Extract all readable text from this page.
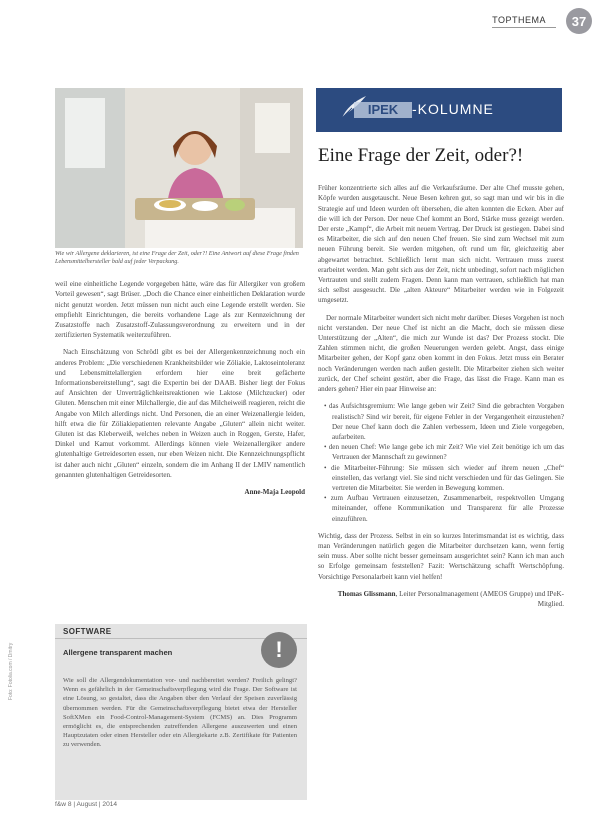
TOPTHEMA	37
Wie wir Allergene deklarieren, ist eine Frage der Zeit, oder?! Eine Antwort auf diese Frage finden Lebensmittelhersteller bald auf jeder Verpackung.
IPEK -KOLUMNE
Eine Frage der Zeit, oder?!

Früher konzentrierte sich alles auf die Verkaufsräume. Der alte Chef musste gehen, Köpfe wurden ausgetauscht. Neue Besen kehren gut, so sagt man und wir bis in die Strategie auf und Ideen wurden oft übersehen, die alten konnten die Ecken. Aber auf die will ich der Person. Der neue Chef kommt an Bord, Stärke muss gezeigt werden. Der erste „Kampf“, die Arbeit mit neuem Vertrag. Der Druck ist gestiegen. Dabei sind es Mitarbeiter, die sich auf den neuen Chef freuen. Sie sind zum Wechsel mit zum neuen Führung bereit. Sie werden mitgehen, oft rund um für, gleichzeitig aber abgewartet betrachtet. Schließlich lernt man sich nicht. Vertrauen muss zuerst erarbeitet werden. Man geht sich aus der Zeit, nicht unbedingt, sofort nach möglichen Vertrauten und stellt zudem Fragen. Denn kann man vertrauen, schließlich hat man sich selbst ausgesucht. Die „alten Akteure“ Mitarbeiter werden wie in Folgezeit umgesetzt.

Der normale Mitarbeiter wundert sich nicht mehr darüber. Dieses Vorgehen ist noch nicht verstanden. Der neue Chef ist nicht an die Macht, doch sie müssen diese Unterstützung der „Alten“, die mich zur Wunde ist das? Der Prozess stockt. Die Zahlen stimmen nicht, die großen Neuerungen werden gelebt. Angst, dass einige Mitarbeiter gehen, der Kopf ganz oben kommt in den Fokus. Jetzt muss ein Berater noch Veränderungen werden nach außen gestellt. Die Mitarbeiter ziehen sich weiter zurück, der Chef scheint gestört, aber die Frage, das lässt die Frage. Kann man es anders gehen? Hier ein paar Hinweise an:

• das Aufsichtsgremium: Wie lange geben wir Zeit? Sind die gebrachten Vorgaben realistisch? Sind wir bereit, für eigene Fehler in der Vergangenheit einzustehen? Der neue Chef kann doch die Zahlen verbessern, Ideen und Ziele vorgegeben, aufarbeiten.

• den neuen Chef: Wie lange gebe ich mir Zeit? Wie viel Zeit benötige ich um das Vertrauen der Mannschaft zu gewinnen?

• die Mitarbeiter-Führung: Sie müssen sich wieder auf ihrem neuen „Chef“ einstellen, das verlangt viel. Sie sind nicht verschieden und für das Gelingen. Sie vertreten die Mitarbeiter. Sie werden in Bewegung kommen.

• zum Aufbau Vertrauen einzusetzen, Zusammenarbeit, respektvollen Umgang miteinander, offene Kommunikation und Transparenz für alle Prozesse einzuführen.

Wichtig, dass der Prozess. Selbst in ein so kurzes Interimsmandat ist es wichtig, dass man Veränderungen natürlich gegen die Mitarbeiter durchsetzen kann, wenn fertig sein muss. Aber sollte nicht besser gemeinsam ausgerichtet sein? Kann ich man auch so Erfolge gemeinsam feststellen? Fazit: Wertschätzung schafft Wertschöpfung. Vorsichtige Personalarbeit kann viel helfen!

Thomas Glissmann, Leiter Personalmanagement (AMEOS Gruppe) und IPeK-Mitglied.

weil eine einheitliche Legende vorgegeben hätte, wäre das für Allergiker von großem Vorteil gewesen“, sagt Brüser. „Doch die Chance einer einheitlichen Deklaration wurde nicht genutzt worden. Jetzt müssen nun nicht auch eine Legende erstellt werden. Sie empfiehlt Einrichtungen, die bereits vorhandene Lage als zur Kennzeichnung der Zusatzstoffe nach Zusatzstoff-Zulassungsverordnung zu erweitern und in der zertifizierten Systematik weiterzuführen.

Nach Einschätzung von Schrödl gibt es bei der Allergenkennzeichnung noch ein anderes Problem: „Die verschiedenen Krankheitsbilder wie Zöliakie, Laktoseintoleranz und Lebensmittelallergien erfordern hier eine breit gefächerte Informationsbereitstellung“, sagt die Expertin bei der DAAB. Bisher liegt der Fokus auf Ansichten der Unverträglichkeitsreaktionen wie Laktose (Milchzucker) oder Gluten. Menschen mit einer Milchallergie, die auf das Milcheiweiß reagieren, reicht die Angabe von Milch allerdings nicht. Und Personen, die an einer Weizenallergie leiden, hilft etwa die für Zöliakiepatienten relevante Angabe „Gluten“ allein nicht weiter. Gluten ist das Kleberweiß, welches neben in Weizen auch in Roggen, Gerste, Hafer, Dinkel und Kamut vorkommt. Allerdings können viele Weizenallergiker andere glutenhaltige Getreidesorten essen, nur eben Weizen nicht. Die Kennzeichnungspflicht ist daher auch nicht „Gluten“ einzeln, sondern die im Anhang II der LMIV namentlich genannten glutenhaltigen Getreidesorten.

Anne-Maja Leopold

SOFTWARE
Allergene transparent machen	!
Wie soll die Allergendokumentation vor- und nachbereitet werden? Freilich gelingt? Wenn es gefährlich in der Gemeinschaftsverpflegung wird die Frage. Der Software ist eine Lösung, so gestaltet, dass die Angaben über den Verlauf der Speisen zuverlässig übernommen werden. Für die Gemeinschaftsverpflegung bietet etwa der Hersteller SoftXMen ein Food-Control-Management-System (FCMS) an. Dies Programm ermöglicht es, die entsprechenden zutreffenden Allergene auszuwerten und einen Hauptzutaten oder einen Hersteller oder ein Allergiekarte z.B. Zertifikate für Patienten zu verwenden.
Foto: Fotolia.com / Dmitry
f&w 8 | August | 2014
